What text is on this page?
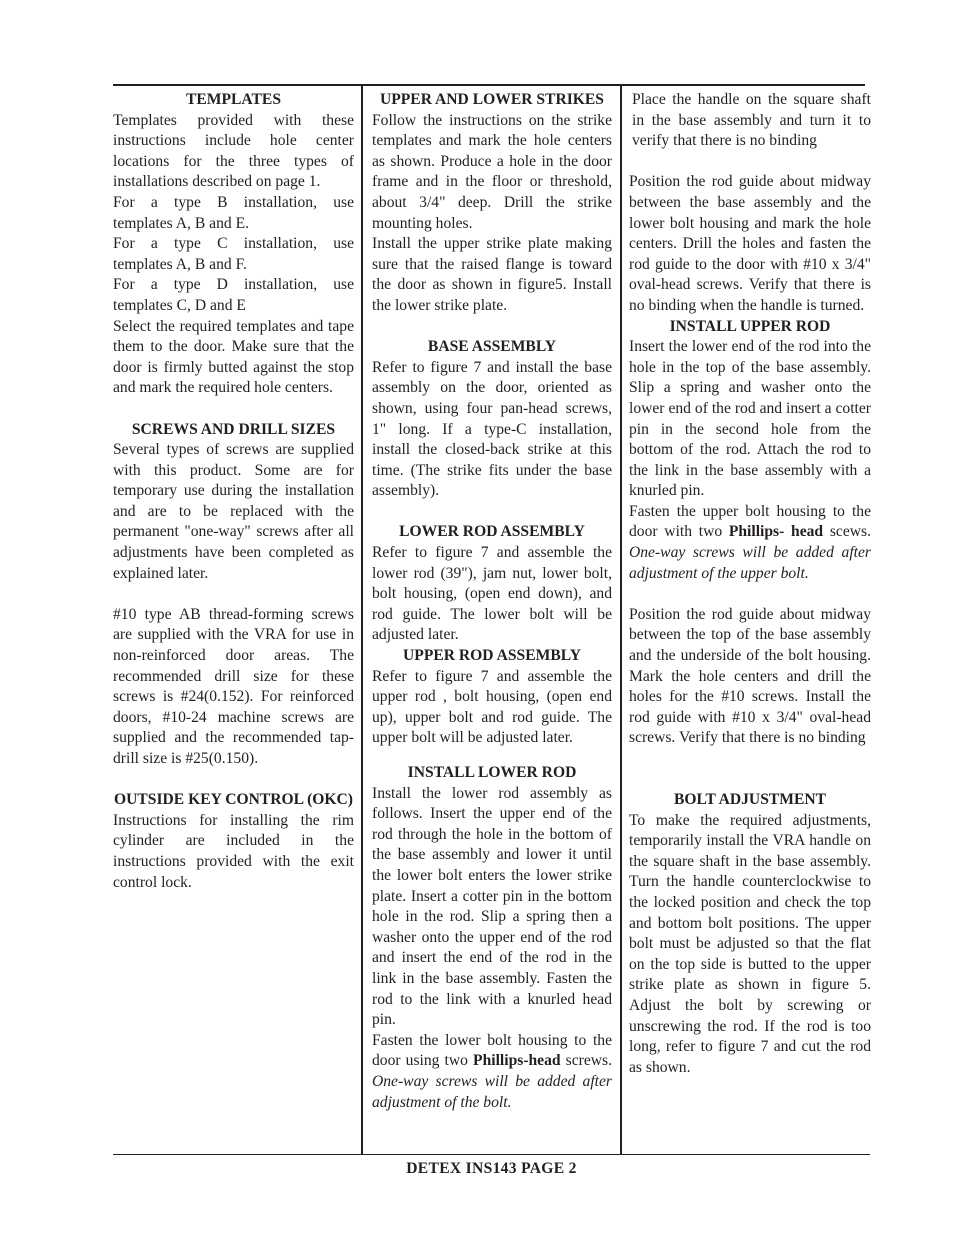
TEMPLATES

Templates provided with these instructions include hole center locations for the three types of installations described on page 1.

For a type B installation, use templates A, B and E.

For a type C installation, use templates A, B and F.

For a type D installation, use templates C, D and E

Select the required templates and tape them to the door. Make sure that the door is firmly butted against the stop and mark the required hole centers.

SCREWS AND DRILL SIZES

Several types of screws are supplied with this product. Some are for temporary use during the installation and are to be replaced with the permanent "one-way" screws after all adjustments have been completed as explained later.

#10 type AB thread-forming screws are supplied with the VRA for use in non-reinforced door areas. The recommended drill size for these screws is #24(0.152). For reinforced doors, #10-24 machine screws are supplied and the recommended tap-drill size is #25(0.150).

OUTSIDE KEY CONTROL (OKC)

Instructions for installing the rim cylinder are included in the instructions provided with the exit control lock.

UPPER AND LOWER STRIKES

Follow the instructions on the strike templates and mark the hole centers as shown. Produce a hole in the door frame and in the floor or threshold, about 3/4" deep. Drill the strike mounting holes.

Install the upper strike plate making sure that the raised flange is toward the door as shown in figure5. Install the lower strike plate.

BASE ASSEMBLY

Refer to figure 7 and install the base assembly on the door, oriented as shown, using four pan-head screws, 1" long. If a type-C installation, install the closed-back strike at this time. (The strike fits under the base assembly).

LOWER ROD ASSEMBLY

Refer to figure 7 and assemble the lower rod (39"), jam nut, lower bolt, bolt housing, (open end down), and rod guide. The lower bolt will be adjusted later.

UPPER ROD ASSEMBLY

Refer to figure 7 and assemble the upper rod , bolt housing, (open end up), upper bolt and rod guide. The upper bolt will be adjusted later.

INSTALL LOWER ROD

Install the lower rod assembly as follows. Insert the upper end of the rod through the hole in the bottom of the base assembly and lower it until the lower bolt enters the lower strike plate. Insert a cotter pin in the bottom hole in the rod. Slip a spring then a washer onto the upper end of the rod and insert the end of the rod in the link in the base assembly. Fasten the rod to the link with a knurled head pin.

Fasten the lower bolt housing to the door using two Phillips-head screws. One-way screws will be added after adjustment of the bolt.

Place the handle on the square shaft in the base assembly and turn it to verify that there is no binding

Position the rod guide about midway between the base assembly and the lower bolt housing and mark the hole centers. Drill the holes and fasten the rod guide to the door with #10 x 3/4" oval-head screws. Verify that there is no binding when the handle is turned.

INSTALL UPPER ROD

Insert the lower end of the rod into the hole in the top of the base assembly. Slip a spring and washer onto the lower end of the rod and insert a cotter pin in the second hole from the bottom of the rod. Attach the rod to the link in the base assembly with a knurled pin.

Fasten the upper bolt housing to the door with two Phillips- head scews. One-way screws will be added after adjustment of the upper bolt.

Position the rod guide about midway between the top of the base assembly and the underside of the bolt housing. Mark the hole centers and drill the holes for the #10 screws. Install the rod guide with #10 x 3/4" oval-head screws. Verify that there is no binding

BOLT ADJUSTMENT

To make the required adjustments, temporarily install the VRA handle on the square shaft in the base assembly. Turn the handle counterclockwise to the locked position and check the top and bottom bolt positions. The upper bolt must be adjusted so that the flat on the top side is butted to the upper strike plate as shown in figure 5. Adjust the bolt by screwing or unscrewing the rod. If the rod is too long, refer to figure 7 and cut the rod as shown.

DETEX INS143 PAGE 2
